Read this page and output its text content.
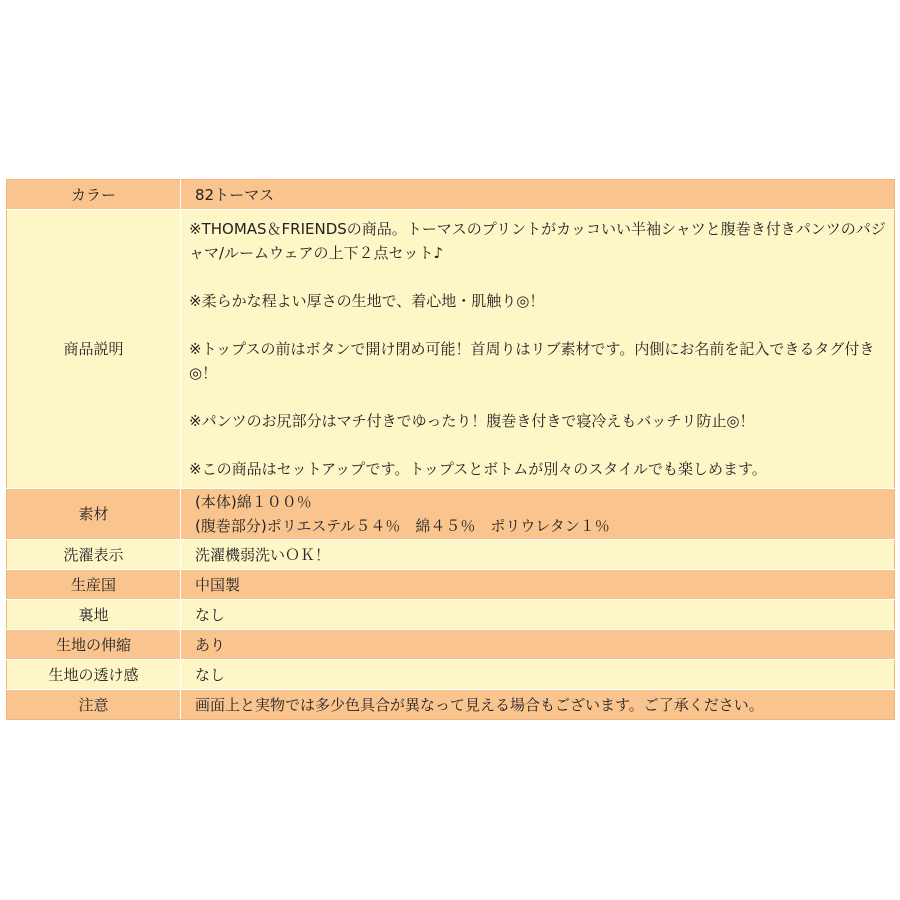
カラー	82トーマス
商品説明	※THOMAS＆FRIENDSの商品。トーマスのプリントがカッコいい半袖シャツと腹巻き付きパンツのパジャマ/ルームウェアの上下２点セット♪
※柔らかな程よい厚さの生地で、着心地・肌触り◎！
※トップスの前はボタンで開け閉め可能！首周りはリブ素材です。内側にお名前を記入できるタグ付き◎！
※パンツのお尻部分はマチ付きでゆったり！腹巻き付きで寝冷えもバッチリ防止◎！
※この商品はセットアップです。トップスとボトムが別々のスタイルでも楽しめます。

素材	(本体)綿１００％
(腹巻部分)ポリエステル５４％　綿４５％　ポリウレタン１％

洗濯表示	洗濯機弱洗いＯＫ！
生産国	中国製
裏地	なし
生地の伸縮	あり
生地の透け感	なし
注意	画面上と実物では多少色具合が異なって見える場合もございます。ご了承ください。
